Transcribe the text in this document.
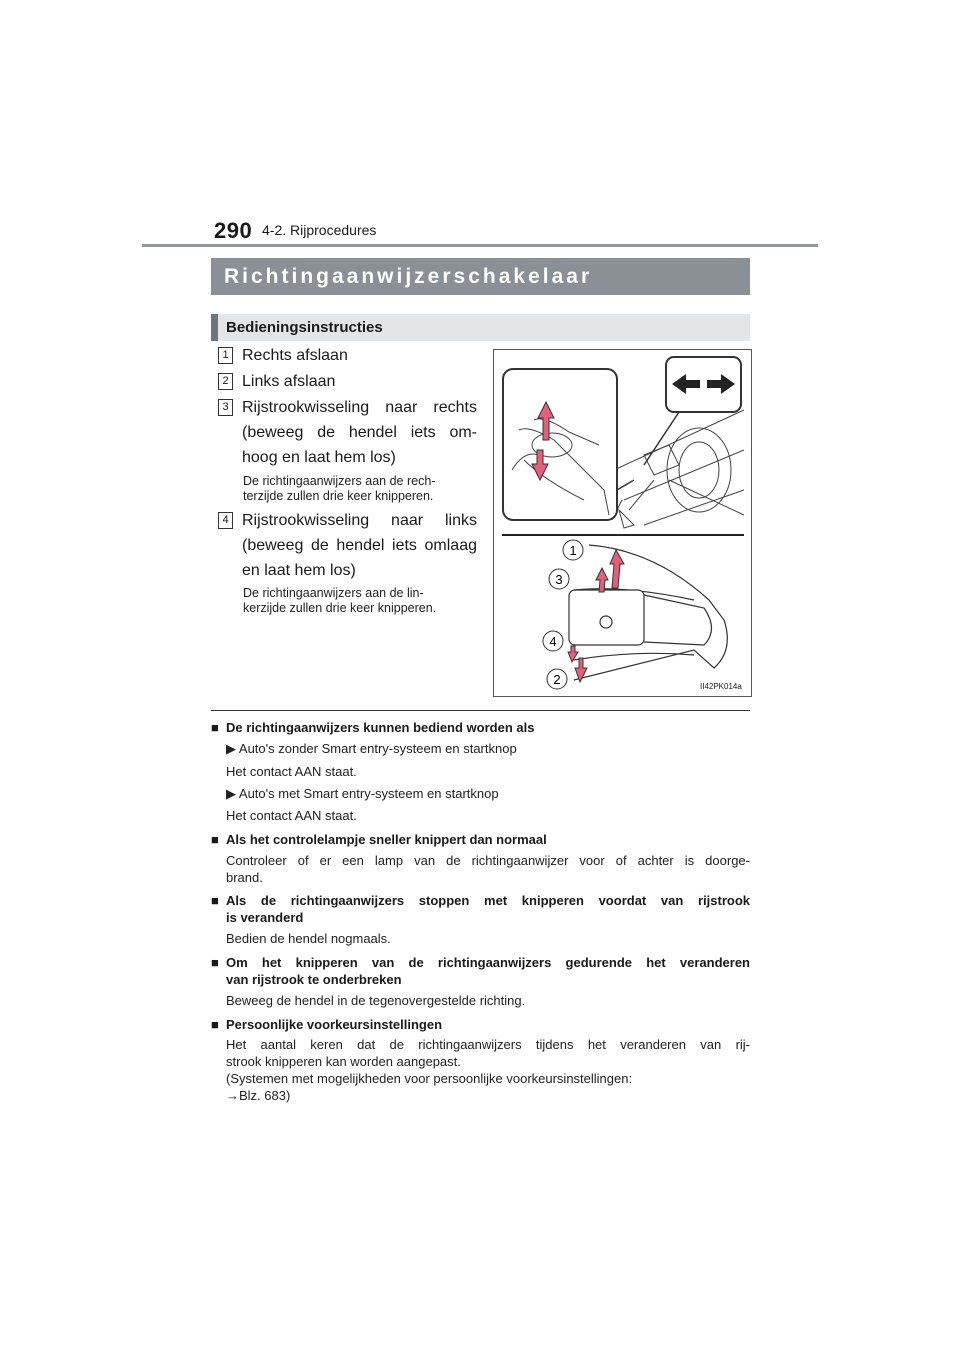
290 4-2. Rijprocedures
Richtingaanwijzerschakelaar
Bedieningsinstructies
1 Rechts afslaan
2 Links afslaan
3 Rijstrookwisseling naar rechts
(beweeg de hendel iets om-
hoog en laat hem los)
De richtingaanwijzers aan de rech-
terzijde zullen drie keer knipperen.
4 Rijstrookwisseling naar links
(beweeg de hendel iets omlaag
en laat hem los)
De richtingaanwijzers aan de lin-
kerzijde zullen drie keer knipperen.
1
3
4
2	II42PK014a
■ De richtingaanwijzers kunnen bediend worden als
▶ Auto's zonder Smart entry-systeem en startknop
Het contact AAN staat.
▶ Auto's met Smart entry-systeem en startknop
Het contact AAN staat.
■ Als het controlelampje sneller knippert dan normaal
Controleer of er een lamp van de richtingaanwijzer voor of achter is doorge-
brand.
■ Als de richtingaanwijzers stoppen met knipperen voordat van rijstrook
is veranderd
Bedien de hendel nogmaals.
■ Om het knipperen van de richtingaanwijzers gedurende het veranderen
van rijstrook te onderbreken
Beweeg de hendel in de tegenovergestelde richting.
■ Persoonlijke voorkeursinstellingen
Het aantal keren dat de richtingaanwijzers tijdens het veranderen van rij-
strook knipperen kan worden aangepast.
(Systemen met mogelijkheden voor persoonlijke voorkeursinstellingen:
→Blz. 683)
